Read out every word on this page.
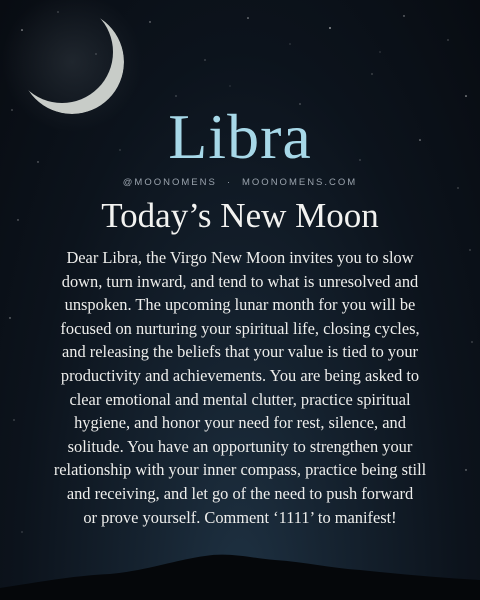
Libra
@MOONOMENS · MOONOMENS.COM
Today’s New Moon
Dear Libra, the Virgo New Moon invites you to slow
down, turn inward, and tend to what is unresolved and
unspoken. The upcoming lunar month for you will be
focused on nurturing your spiritual life, closing cycles,
and releasing the beliefs that your value is tied to your
productivity and achievements. You are being asked to
clear emotional and mental clutter, practice spiritual
hygiene, and honor your need for rest, silence, and
solitude. You have an opportunity to strengthen your
relationship with your inner compass, practice being still
and receiving, and let go of the need to push forward
or prove yourself. Comment ‘1111’ to manifest!
